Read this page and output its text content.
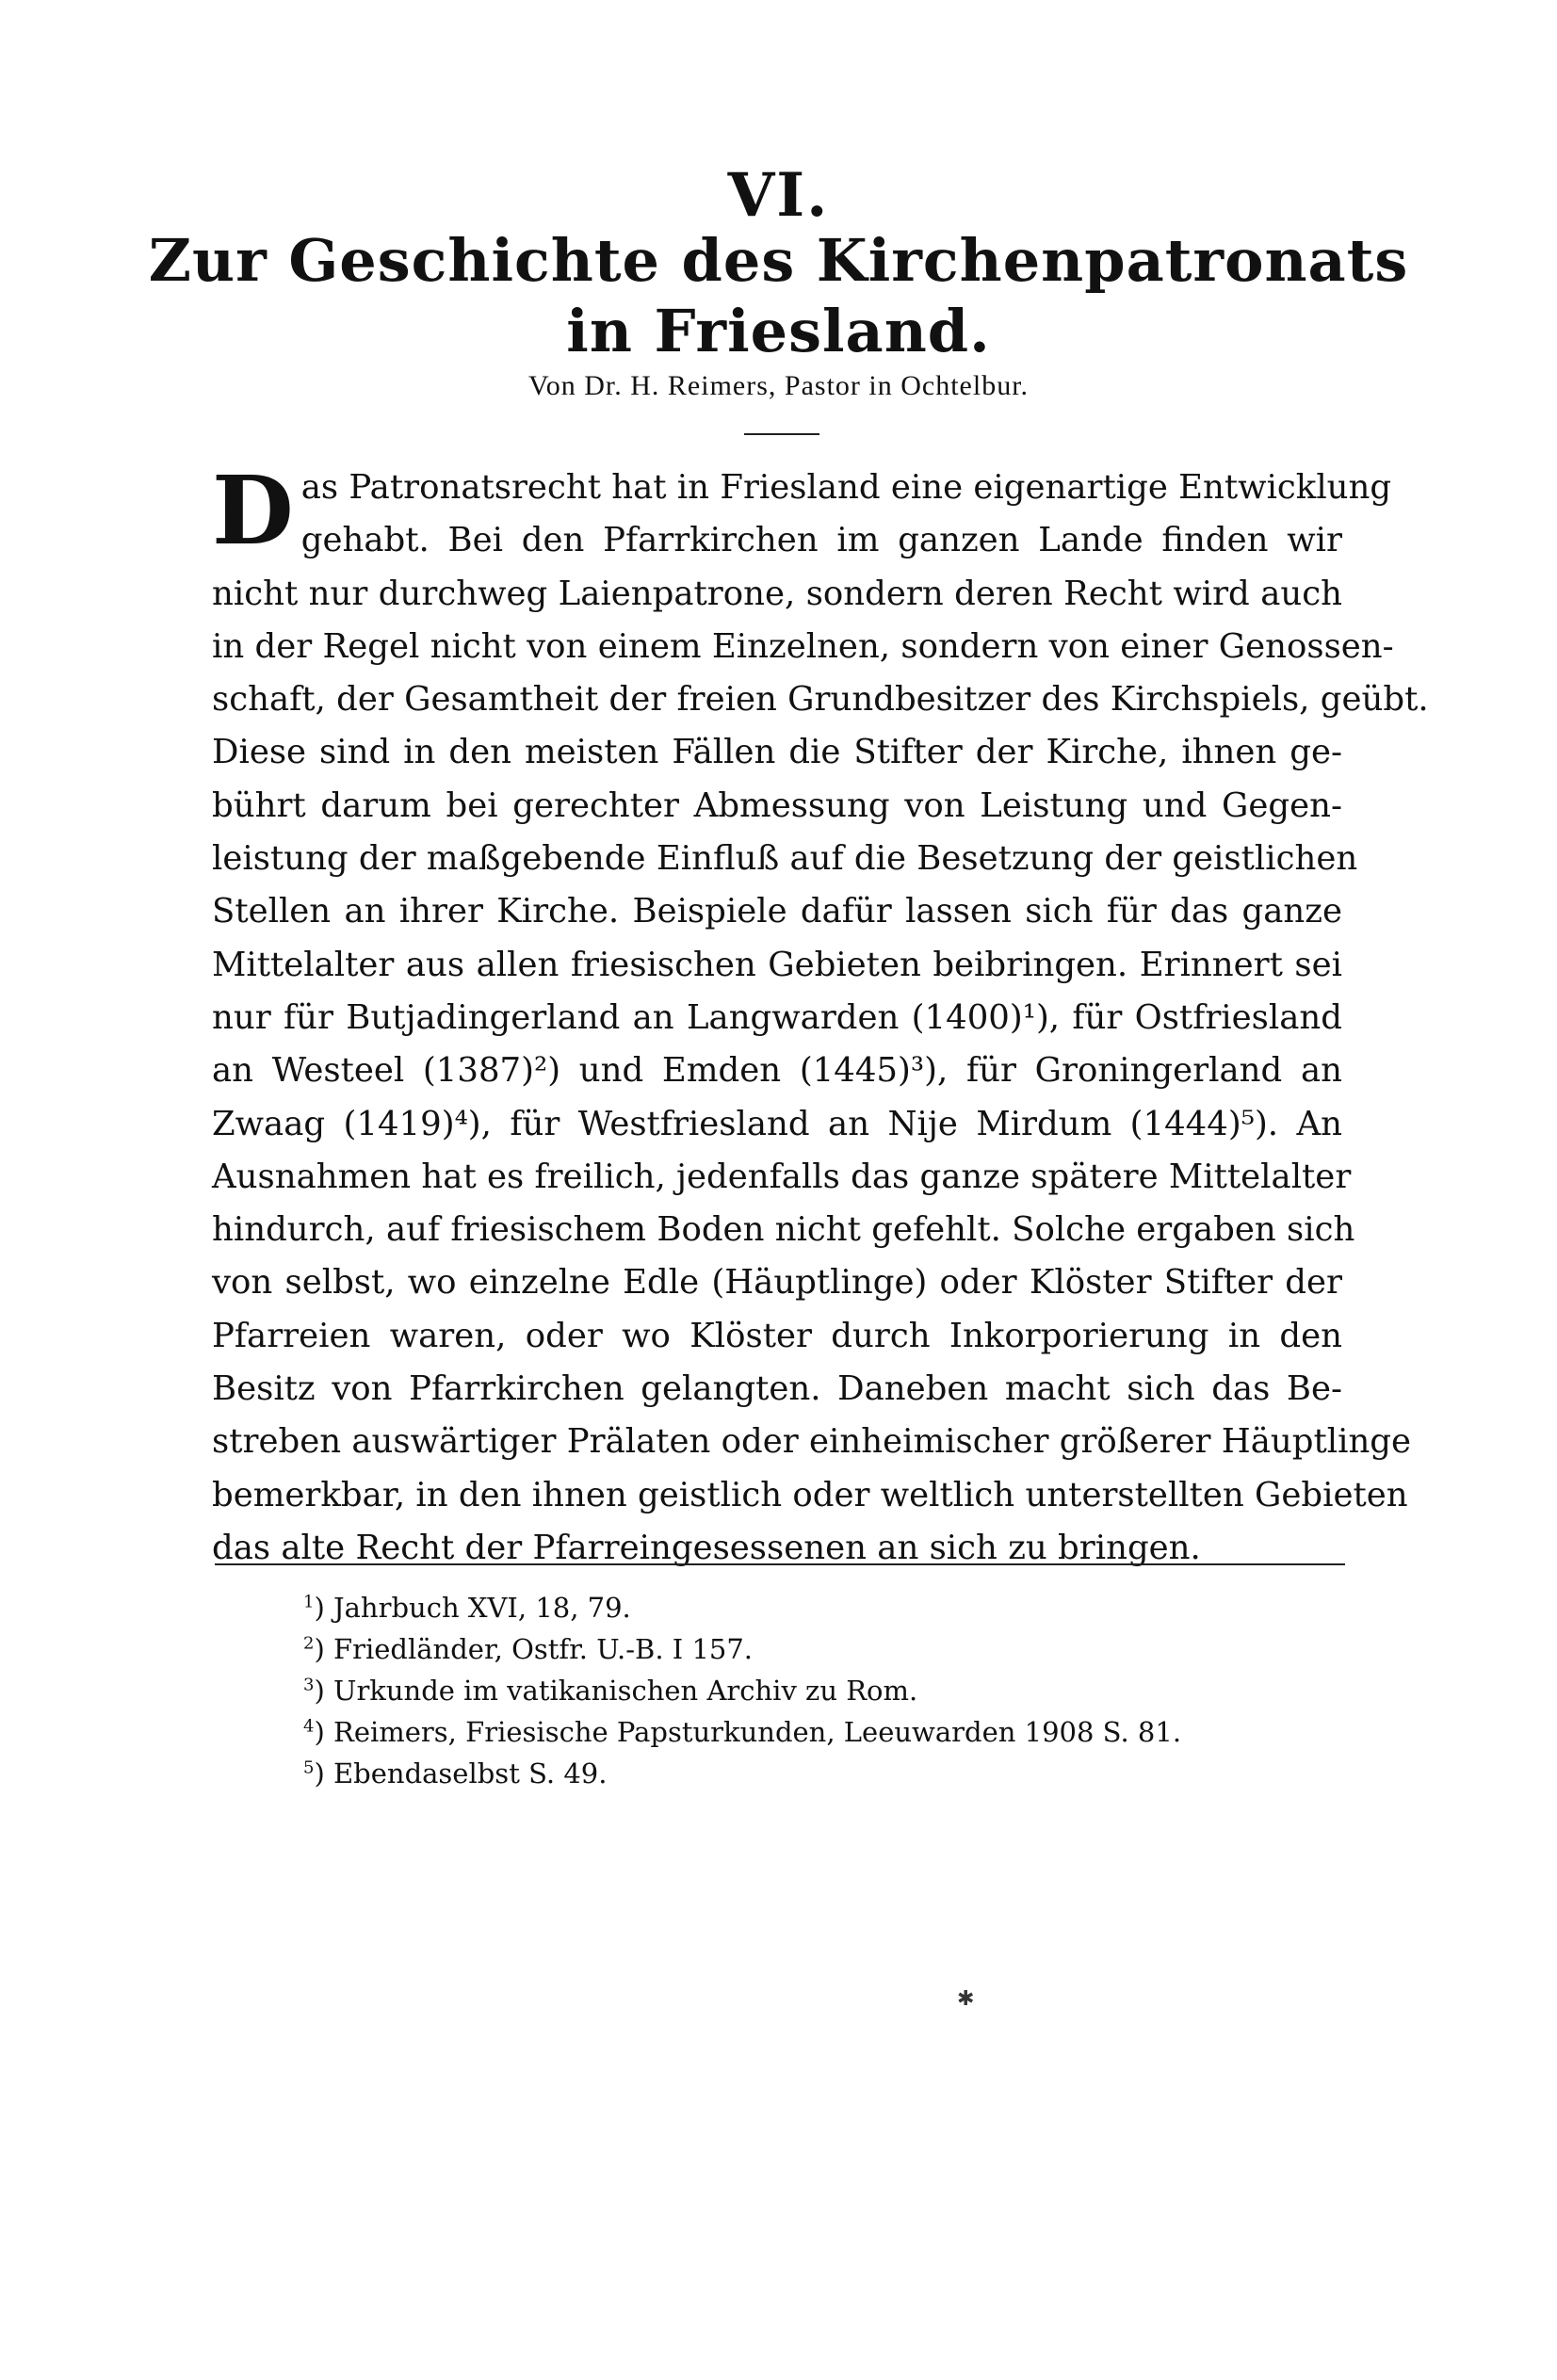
VI.
Zur Geschichte des Kirchenpatronats
in Friesland.
Von Dr. H. Reimers, Pastor in Ochtelbur.
D as Patronatsrecht hat in Friesland eine eigenartige Entwicklung
gehabt. Bei den Pfarrkirchen im ganzen Lande finden wir
nicht nur durchweg Laienpatrone, sondern deren Recht wird auch
in der Regel nicht von einem Einzelnen, sondern von einer Genossen-
schaft, der Gesamtheit der freien Grundbesitzer des Kirchspiels, geübt.
Diese sind in den meisten Fällen die Stifter der Kirche, ihnen ge-
bührt darum bei gerechter Abmessung von Leistung und Gegen-
leistung der maßgebende Einfluß auf die Besetzung der geistlichen
Stellen an ihrer Kirche. Beispiele dafür lassen sich für das ganze
Mittelalter aus allen friesischen Gebieten beibringen. Erinnert sei
nur für Butjadingerland an Langwarden (1400)¹), für Ostfriesland
an Westeel (1387)²) und Emden (1445)³), für Groningerland an
Zwaag (1419)⁴), für Westfriesland an Nije Mirdum (1444)⁵). An
Ausnahmen hat es freilich, jedenfalls das ganze spätere Mittelalter
hindurch, auf friesischem Boden nicht gefehlt. Solche ergaben sich
von selbst, wo einzelne Edle (Häuptlinge) oder Klöster Stifter der
Pfarreien waren, oder wo Klöster durch Inkorporierung in den
Besitz von Pfarrkirchen gelangten. Daneben macht sich das Be-
streben auswärtiger Prälaten oder einheimischer größerer Häuptlinge
bemerkbar, in den ihnen geistlich oder weltlich unterstellten Gebieten
das alte Recht der Pfarreingesessenen an sich zu bringen.
$^1$) Jahrbuch XVI, 18, 79.
$^2$) Friedländer, Ostfr. U.-B. I 157.
$^3$) Urkunde im vatikanischen Archiv zu Rom.
$^4$) Reimers, Friesische Papsturkunden, Leeuwarden 1908 S. 81.
$^5$) Ebendaselbst S. 49.
✱
